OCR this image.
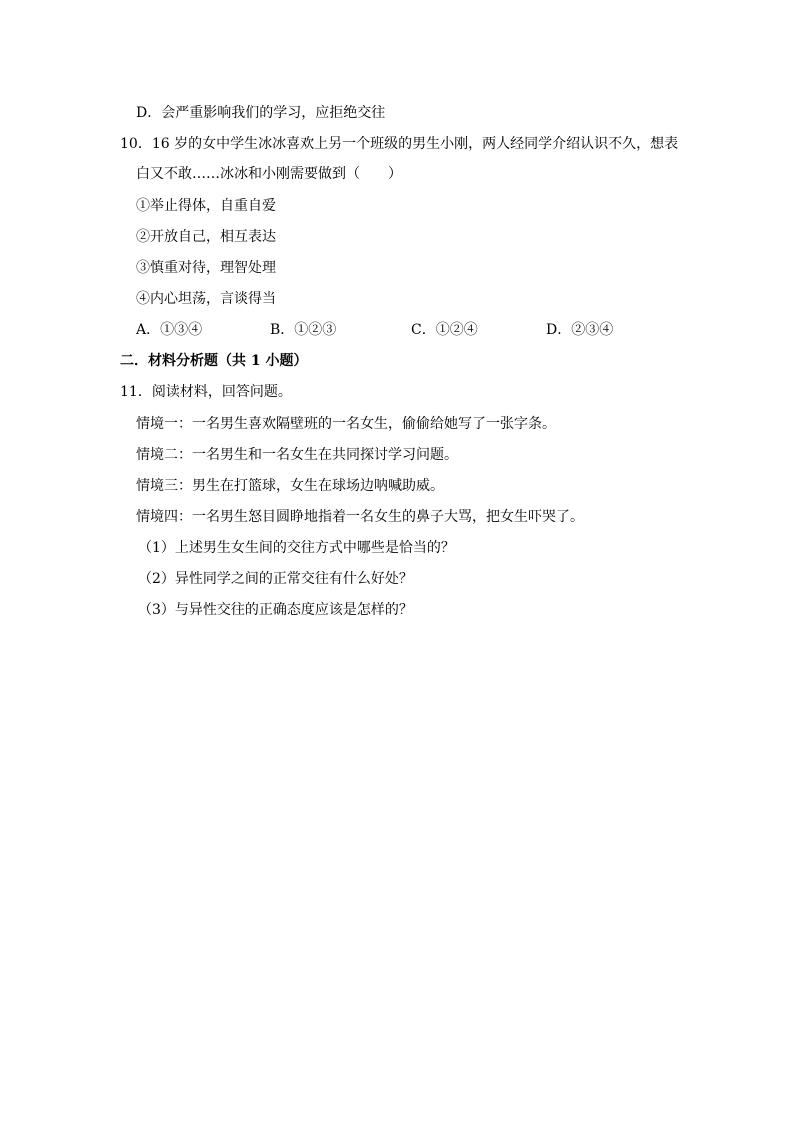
D．会严重影响我们的学习，应拒绝交往
10．16 岁的女中学生冰冰喜欢上另一个班级的男生小刚，两人经同学介绍认识不久，想表
白又不敢……冰冰和小刚需要做到（　　）
①举止得体，自重自爱
②开放自己，相互表达
③慎重对待，理智处理
④内心坦荡，言谈得当
A．①③④	B．①②③	C．①②④	D．②③④
二．材料分析题（共 1 小题）
11．阅读材料，回答问题。
情境一：一名男生喜欢隔壁班的一名女生，偷偷给她写了一张字条。
情境二：一名男生和一名女生在共同探讨学习问题。
情境三：男生在打篮球，女生在球场边呐喊助威。
情境四：一名男生怒目圆睁地指着一名女生的鼻子大骂，把女生吓哭了。
（1）上述男生女生间的交往方式中哪些是恰当的？
（2）异性同学之间的正常交往有什么好处？
（3）与异性交往的正确态度应该是怎样的？
